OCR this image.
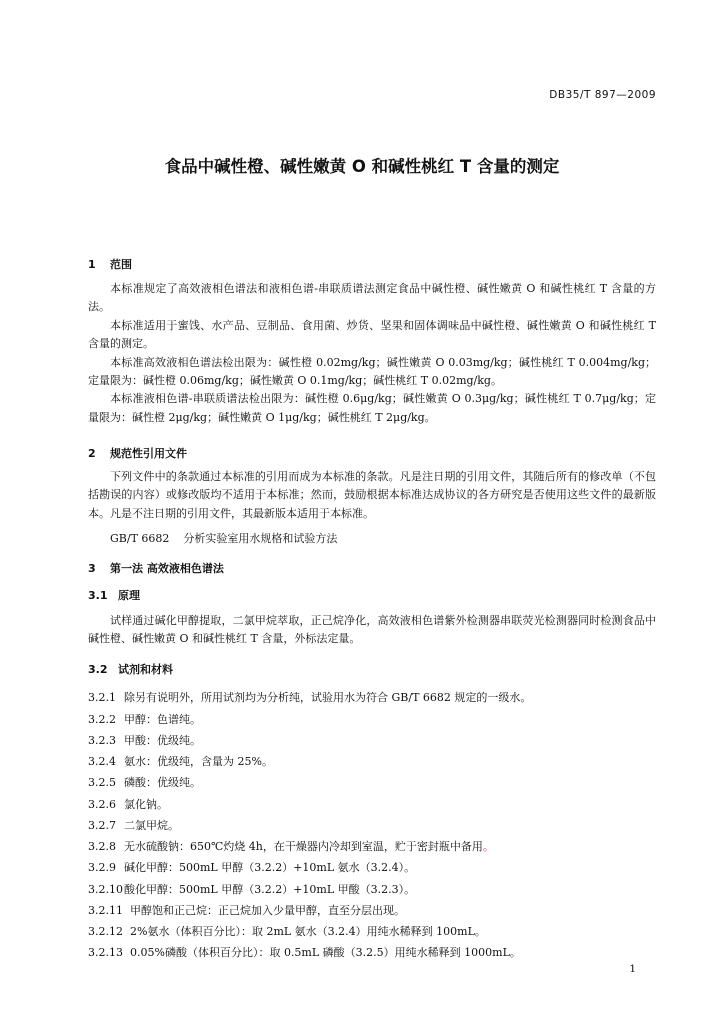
DB35/T 897—2009
食品中碱性橙、碱性嫩黄 O 和碱性桃红 T 含量的测定
1 范围

本标准规定了高效液相色谱法和液相色谱-串联质谱法测定食品中碱性橙、碱性嫩黄 O 和碱性桃红 T 含量的方法。

本标准适用于蜜饯、水产品、豆制品、食用菌、炒货、坚果和固体调味品中碱性橙、碱性嫩黄 O 和碱性桃红 T 含量的测定。

本标准高效液相色谱法检出限为：碱性橙 0.02mg/kg；碱性嫩黄 O 0.03mg/kg；碱性桃红 T 0.004mg/kg；定量限为：碱性橙 0.06mg/kg；碱性嫩黄 O 0.1mg/kg；碱性桃红 T 0.02mg/kg。

本标准液相色谱-串联质谱法检出限为：碱性橙 0.6μg/kg；碱性嫩黄 O 0.3μg/kg；碱性桃红 T 0.7μg/kg；定量限为：碱性橙 2μg/kg；碱性嫩黄 O 1μg/kg；碱性桃红 T 2μg/kg。

2 规范性引用文件

下列文件中的条款通过本标准的引用而成为本标准的条款。凡是注日期的引用文件，其随后所有的修改单（不包括勘误的内容）或修改版均不适用于本标准；然而，鼓励根据本标准达成协议的各方研究是否使用这些文件的最新版本。凡是不注日期的引用文件，其最新版本适用于本标准。

GB/T 6682 分析实验室用水规格和试验方法
3 第一法 高效液相色谱法
3.1 原理

试样通过碱化甲醇提取，二氯甲烷萃取，正己烷净化，高效液相色谱紫外检测器串联荧光检测器同时检测食品中碱性橙、碱性嫩黄 O 和碱性桃红 T 含量，外标法定量。

3.2 试剂和材料
3.2.1 除另有说明外，所用试剂均为分析纯，试验用水为符合 GB/T 6682 规定的一级水。
3.2.2 甲醇：色谱纯。
3.2.3 甲酸：优级纯。
3.2.4 氨水：优级纯，含量为 25%。
3.2.5 磷酸：优级纯。
3.2.6 氯化钠。
3.2.7 二氯甲烷。
3.2.8 无水硫酸钠：650℃灼烧 4h，在干燥器内冷却到室温，贮于密封瓶中备用。
3.2.9 碱化甲醇：500mL 甲醇（3.2.2）+10mL 氨水（3.2.4）。
3.2.10酸化甲醇：500mL 甲醇（3.2.2）+10mL 甲酸（3.2.3）。
3.2.11 甲醇饱和正己烷：正己烷加入少量甲醇，直至分层出现。
3.2.12 2%氨水（体积百分比）：取 2mL 氨水（3.2.4）用纯水稀释到 100mL。
3.2.13 0.05%磷酸（体积百分比）：取 0.5mL 磷酸（3.2.5）用纯水稀释到 1000mL。
1
